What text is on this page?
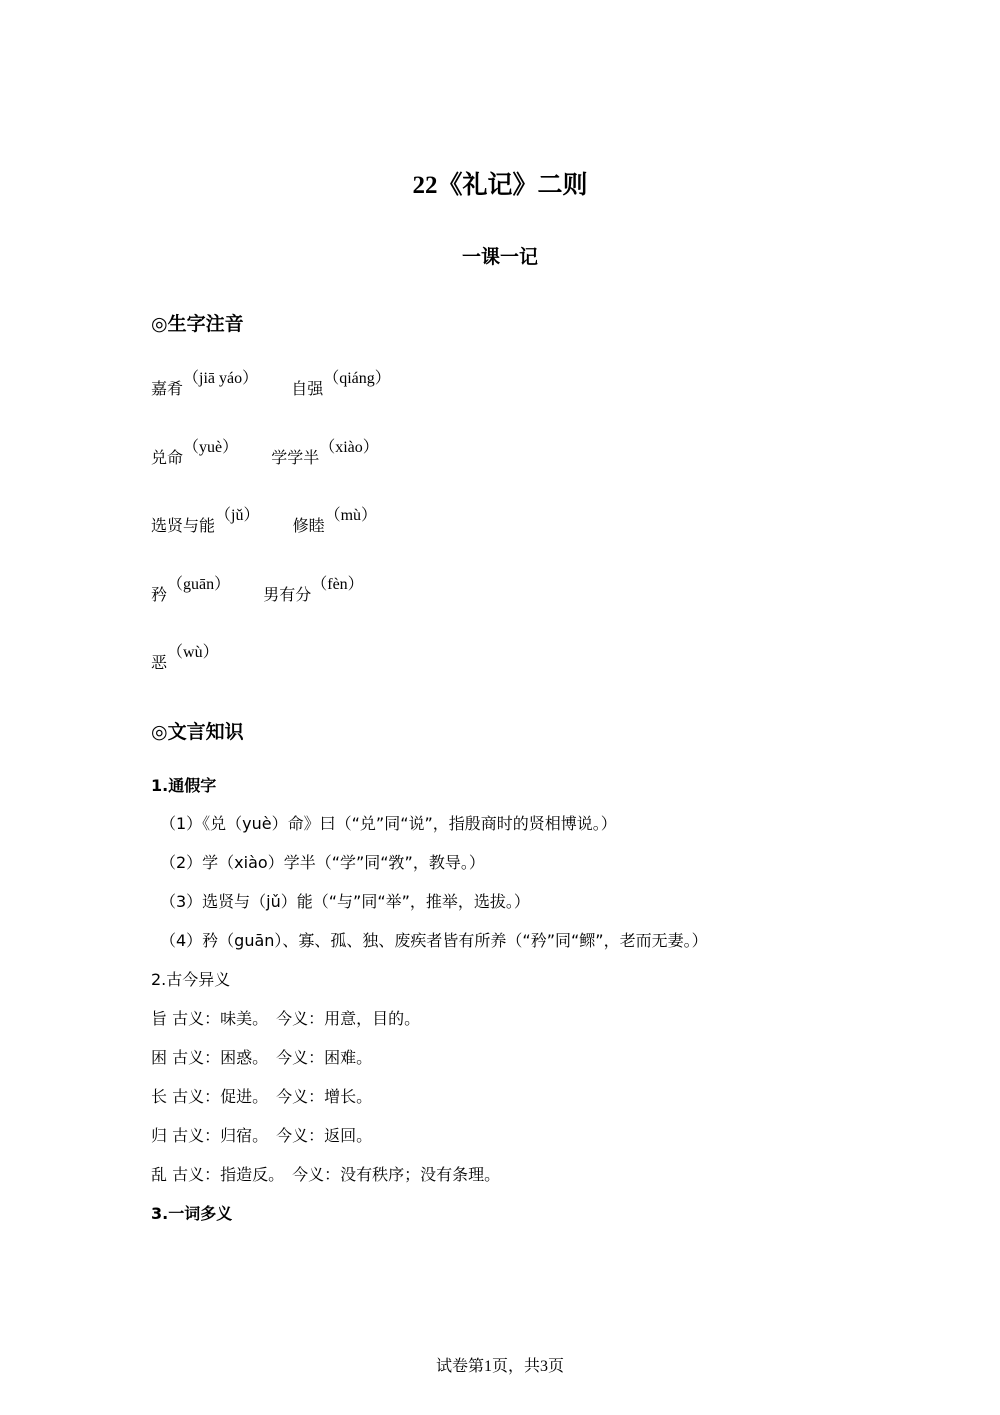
22《礼记》二则
一课一记
◎生字注音
嘉肴（jiā yáo） 自强（qiáng）
兑命（yuè） 学学半（xiào）
选贤与能（jǔ） 修睦（mù）
矜（guān） 男有分（fèn）
恶（wù）
◎文言知识
1.通假字
（1）《兑（yuè）命》曰（“兑”同“说”，指殷商时的贤相博说。）
（2）学（xiào）学半（“学”同“敩”，教导。）
（3）选贤与（jǔ）能（“与”同“举”，推举，选拔。）
（4）矜（guān）、寡、孤、独、废疾者皆有所养（“矜”同“鳏”，老而无妻。）
2.古今异义
旨 古义：味美。　今义：用意，目的。
困 古义：困惑。　今义：困难。
长 古义：促进。　今义：增长。
归 古义：归宿。　今义：返回。
乱 古义：指造反。　今义：没有秩序；没有条理。
3.一词多义
试卷第1页，共3页
